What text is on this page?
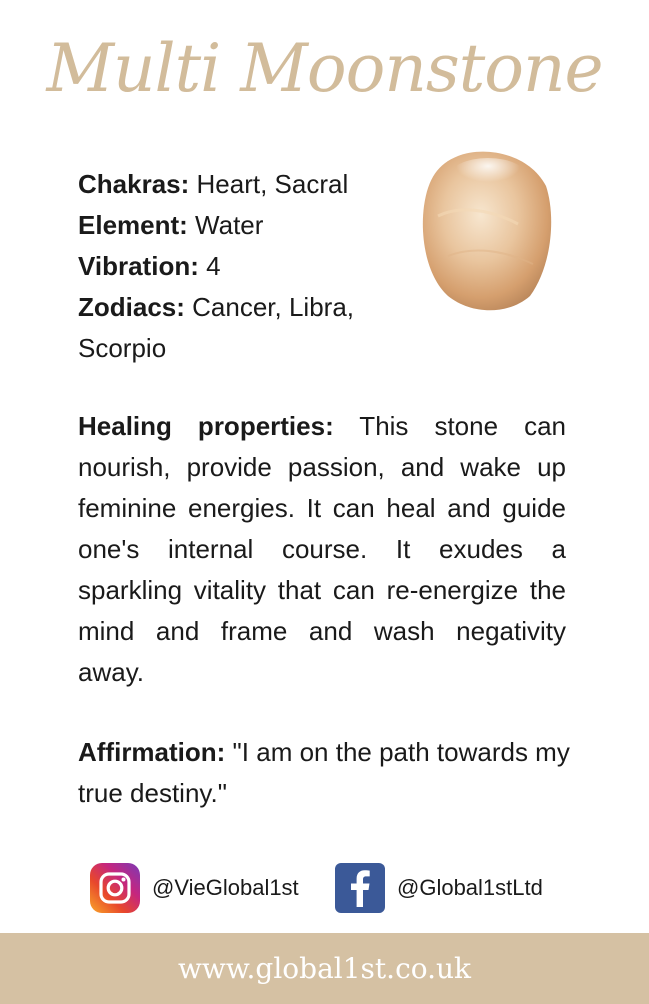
Multi Moonstone
Chakras: Heart, Sacral
Element: Water
Vibration: 4
Zodiacs: Cancer, Libra,
Scorpio
Healing properties: This stone can nourish, provide passion, and wake up feminine energies. It can heal and guide one's internal course. It exudes a sparkling vitality that can re-energize the mind and frame and wash negativity away.
Affirmation: "I am on the path towards my true destiny."
@VieGlobal1st	@Global1stLtd
www.global1st.co.uk
